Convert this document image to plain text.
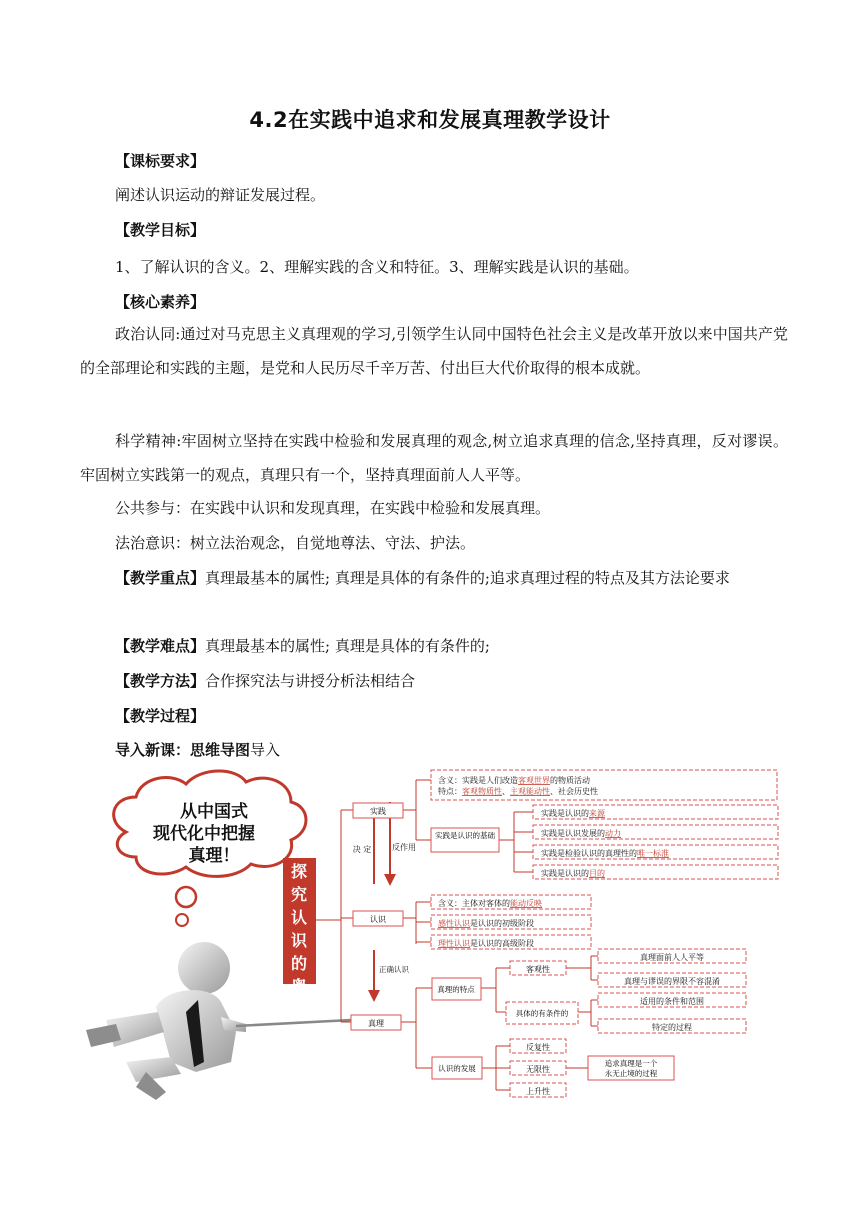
4.2在实践中追求和发展真理教学设计
【课标要求】
阐述认识运动的辩证发展过程。
【教学目标】
1、了解认识的含义。2、理解实践的含义和特征。3、理解实践是认识的基础。
【核心素养】
政治认同:通过对马克思主义真理观的学习,引领学生认同中国特色社会主义是改革开放以来中国共产党的全部理论和实践的主题，是党和人民历尽千辛万苦、付出巨大代价取得的根本成就。
科学精神:牢固树立坚持在实践中检验和发展真理的观念,树立追求真理的信念,坚持真理，反对谬误。牢固树立实践第一的观点，真理只有一个，坚持真理面前人人平等。
公共参与：在实践中认识和发现真理，在实践中检验和发展真理。
法治意识：树立法治观念，自觉地尊法、守法、护法。
【教学重点】真理最基本的属性; 真理是具体的有条件的;追求真理过程的特点及其方法论要求
【教学难点】真理最基本的属性; 真理是具体的有条件的;
【教学方法】合作探究法与讲授分析法相结合
【教学过程】
导入新课：思维导图导入
从中国式
现代化中把握
真理！
探
究
认
识
的
奥
决 定	反作用
正确认识
实践
认识
真理
含义：实践是人们改造客观世界的物质活动
特点：客观物质性、主观能动性、社会历史性
实践是认识的基础
实践是认识的来源
实践是认识发展的动力
实践是检验认识的真理性的唯一标准
实践是认识的目的
含义：主体对客体的能动反映
感性认识是认识的初级阶段
理性认识是认识的高级阶段
真理的特点
客观性
具体的有条件的
真理面前人人平等
真理与谬误的界限不容混淆
适用的条件和范围
特定的过程
认识的发展
反复性
无限性
上升性
追求真理是一个
永无止境的过程
